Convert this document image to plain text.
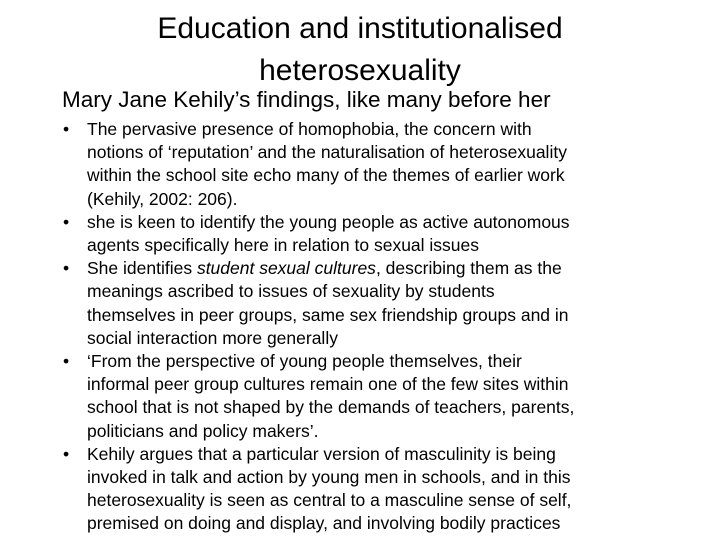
Education and institutionalised
heterosexuality

Mary Jane Kehily’s findings, like many before her

• The pervasive presence of homophobia, the concern with
notions of ‘reputation’ and the naturalisation of heterosexuality
within the school site echo many of the themes of earlier work
(Kehily, 2002: 206).
• she is keen to identify the young people as active autonomous
agents specifically here in relation to sexual issues
• She identifies student sexual cultures, describing them as the
meanings ascribed to issues of sexuality by students
themselves in peer groups, same sex friendship groups and in
social interaction more generally
• ‘From the perspective of young people themselves, their
informal peer group cultures remain one of the few sites within
school that is not shaped by the demands of teachers, parents,
politicians and policy makers’.
• Kehily argues that a particular version of masculinity is being
invoked in talk and action by young men in schools, and in this
heterosexuality is seen as central to a masculine sense of self,
premised on doing and display, and involving bodily practices
